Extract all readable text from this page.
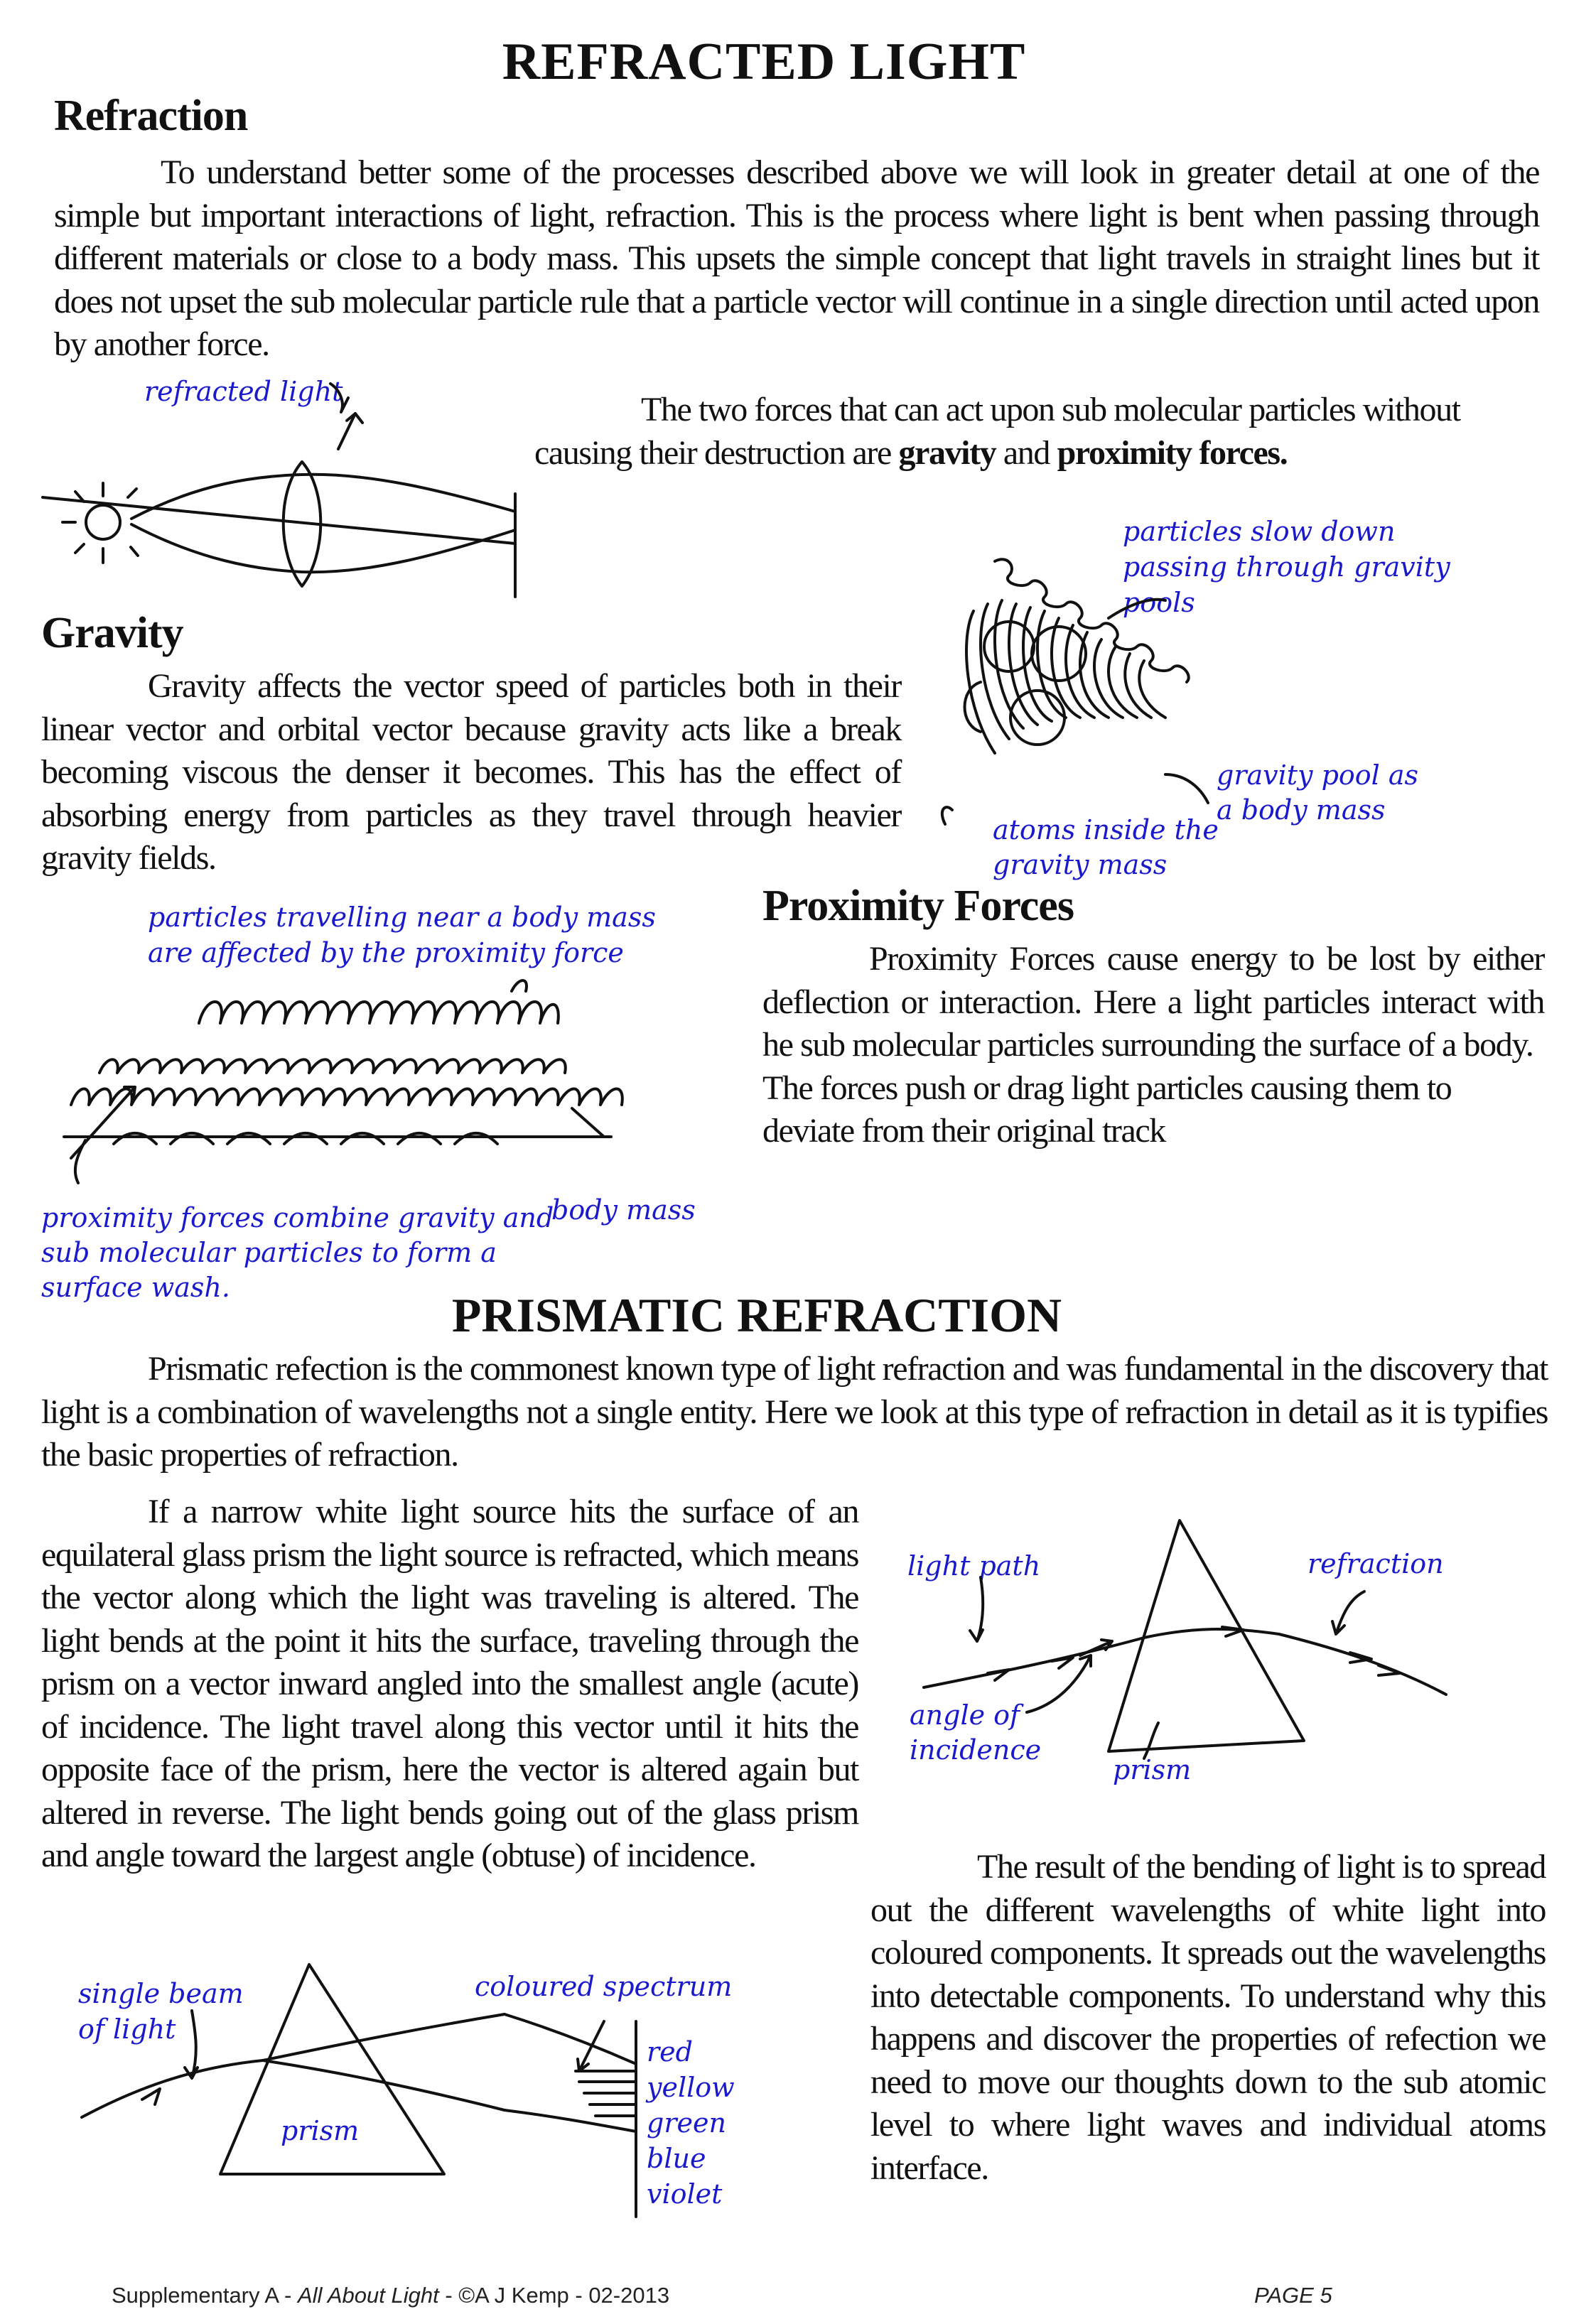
REFRACTED LIGHT
Refraction

To understand better some of the processes described above we will look in greater detail at one of the simple but important interactions of light, refraction. This is the process where light is bent when passing through different materials or close to a body mass. This upsets the simple concept that light travels in straight lines but it does not upset the sub molecular particle rule that a particle vector will continue in a single direction until acted upon by another force.

refracted light	The two forces that can act upon sub molecular particles without causing their destruction are gravity and proximity forces.

Gravity

Gravity affects the vector speed of particles both in their linear vector and orbital vector because gravity acts like a break becoming viscous the denser it becomes. This has the effect of absorbing energy from particles as they travel through heavier gravity fields.

particles slow down
passing through gravity
pools
gravity pool as
a body mass
atoms inside the
gravity mass
Proximity Forces

Proximity Forces cause energy to be lost by either deflection or interaction. Here a light particles interact with he sub molecular particles surrounding the surface of a body.

The forces push or drag light particles causing them to deviate from their original track

particles travelling near a body mass
are affected by the proximity force
proximity forces combine gravity and
sub molecular particles to form a
surface wash.
body mass
PRISMATIC REFRACTION

Prismatic refection is the commonest known type of light refraction and was fundamental in the discovery that light is a combination of wavelengths not a single entity. Here we look at this type of refraction in detail as it is typifies the basic properties of refraction.

If a narrow white light source hits the surface of an equilateral glass prism the light source is refracted, which means the vector along which the light was traveling is altered. The light bends at the point it hits the surface, traveling through the prism on a vector inward angled into the smallest angle (acute) of incidence. The light travel along this vector until it hits the opposite face of the prism, here the vector is altered again but altered in reverse. The light bends going out of the glass prism and angle toward the largest angle (obtuse) of incidence.

light path	refraction
angle of
incidence
prism

The result of the bending of light is to spread out the different wavelengths of white light into coloured components. It spreads out the wavelengths into detectable components. To understand why this happens and discover the properties of refection we need to move our thoughts down to the sub atomic level to where light waves and individual atoms interface.

single beam
of light
coloured spectrum
prism
red
yellow
green
blue
violet
Supplementary A - All About Light - ©A J Kemp - 02-2013	PAGE 5
